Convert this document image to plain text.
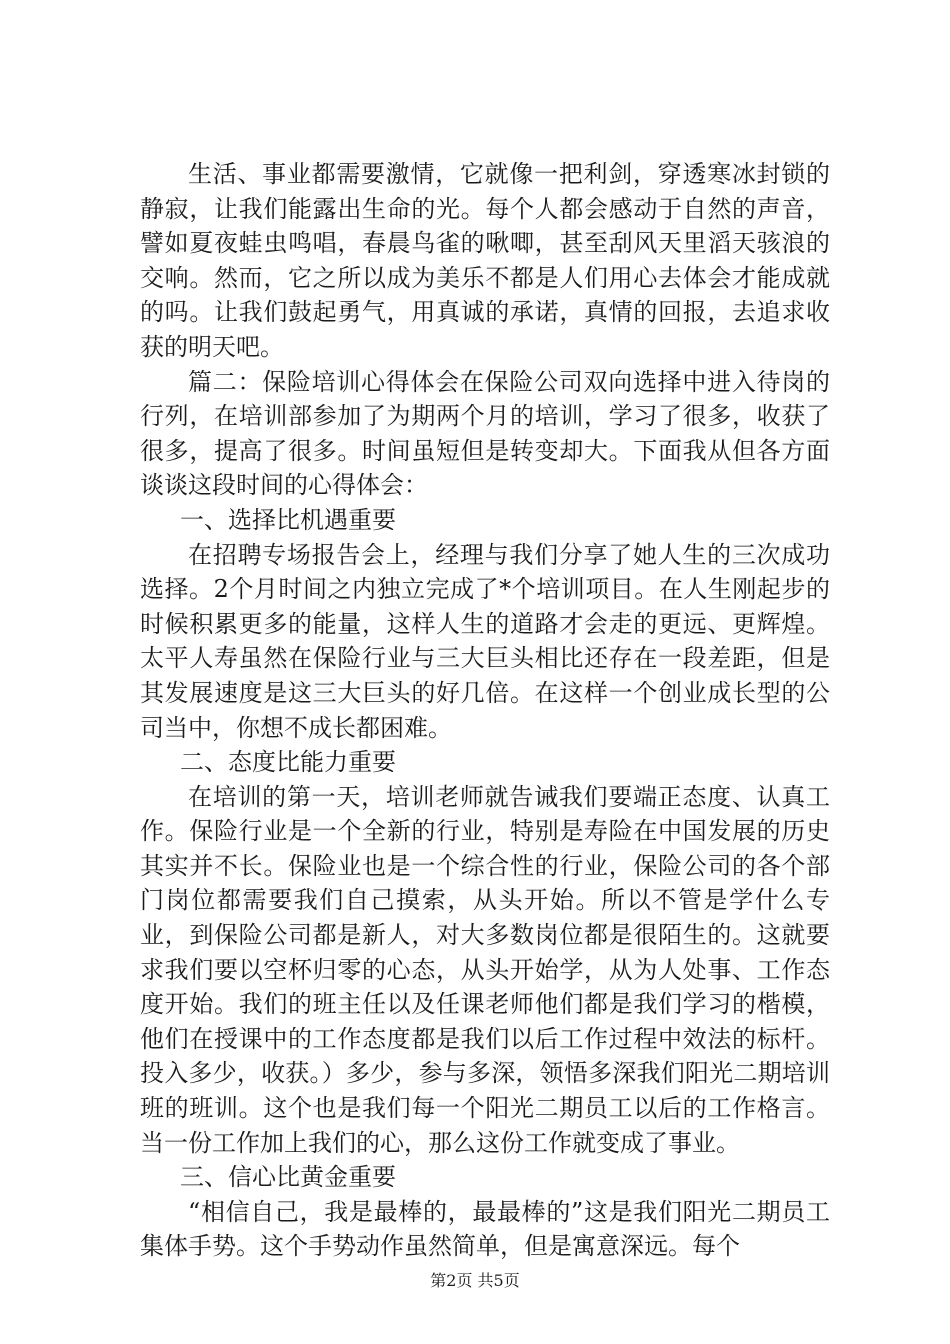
生活、事业都需要激情，它就像一把利剑，穿透寒冰封锁的静寂，让我们能露出生命的光。每个人都会感动于自然的声音，譬如夏夜蛙虫鸣唱，春晨鸟雀的啾唧，甚至刮风天里滔天骇浪的交响。然而，它之所以成为美乐不都是人们用心去体会才能成就的吗。让我们鼓起勇气，用真诚的承诺，真情的回报，去追求收获的明天吧。

篇二：保险培训心得体会在保险公司双向选择中进入待岗的行列，在培训部参加了为期两个月的培训，学习了很多，收获了很多，提高了很多。时间虽短但是转变却大。下面我从但各方面谈谈这段时间的心得体会：

一、选择比机遇重要

在招聘专场报告会上，经理与我们分享了她人生的三次成功选择。2个月时间之内独立完成了*个培训项目。在人生刚起步的时候积累更多的能量，这样人生的道路才会走的更远、更辉煌。太平人寿虽然在保险行业与三大巨头相比还存在一段差距，但是其发展速度是这三大巨头的好几倍。在这样一个创业成长型的公司当中，你想不成长都困难。

二、态度比能力重要

在培训的第一天，培训老师就告诫我们要端正态度、认真工作。保险行业是一个全新的行业，特别是寿险在中国发展的历史其实并不长。保险业也是一个综合性的行业，保险公司的各个部门岗位都需要我们自己摸索，从头开始。所以不管是学什么专业，到保险公司都是新人，对大多数岗位都是很陌生的。这就要求我们要以空杯归零的心态，从头开始学，从为人处事、工作态度开始。我们的班主任以及任课老师他们都是我们学习的楷模，他们在授课中的工作态度都是我们以后工作过程中效法的标杆。投入多少，收获。）多少，参与多深，领悟多深我们阳光二期培训班的班训。这个也是我们每一个阳光二期员工以后的工作格言。当一份工作加上我们的心，那么这份工作就变成了事业。

三、信心比黄金重要

“相信自己，我是最棒的，最最棒的”这是我们阳光二期员工集体手势。这个手势动作虽然简单，但是寓意深远。每个

第2页 共5页
